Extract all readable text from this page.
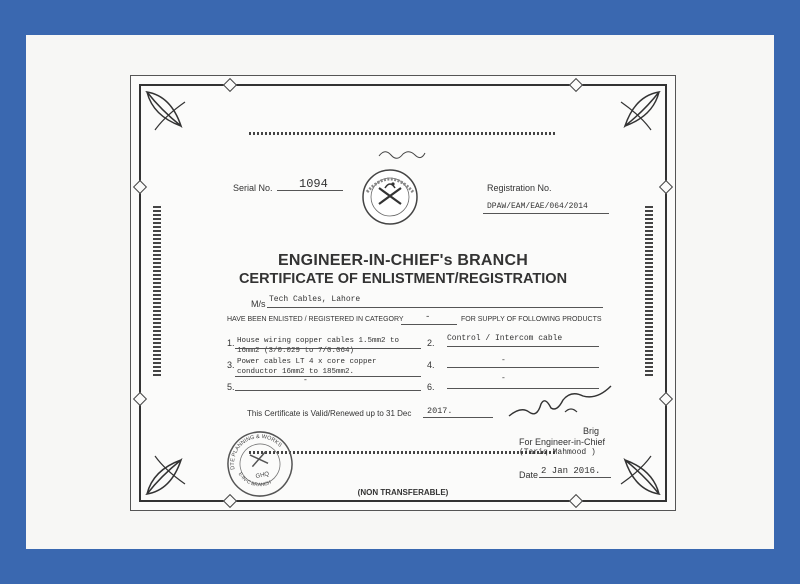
Serial No. 1094	Registration No.
DPAW/EAM/EAE/064/2014
ENGINEER-IN-CHIEF's BRANCH
CERTIFICATE OF ENLISTMENT/REGISTRATION
M/s Tech Cables, Lahore
HAVE BEEN ENLISTED / REGISTERED IN CATEGORY -	FOR SUPPLY OF FOLLOWING PRODUCTS
1. House wiring copper cables 1.5mm2 to 16mm2 (3/0.029 to 7/0.064)
2. Control / Intercom cable
3. Power cables LT 4 x core copper conductor 16mm2 to 185mm2.
4.	-
5.
-
6.
-
This Certificate is Valid/Renewed up to 31 Dec 2017.
Brig
For Engineer-in-Chief
(Tariq Mahmood )
Date 2 Jan 2016.
GHQ
DTE PLANNING & WORKS
E-IN-C BRANCH
(NON TRANSFERABLE)
